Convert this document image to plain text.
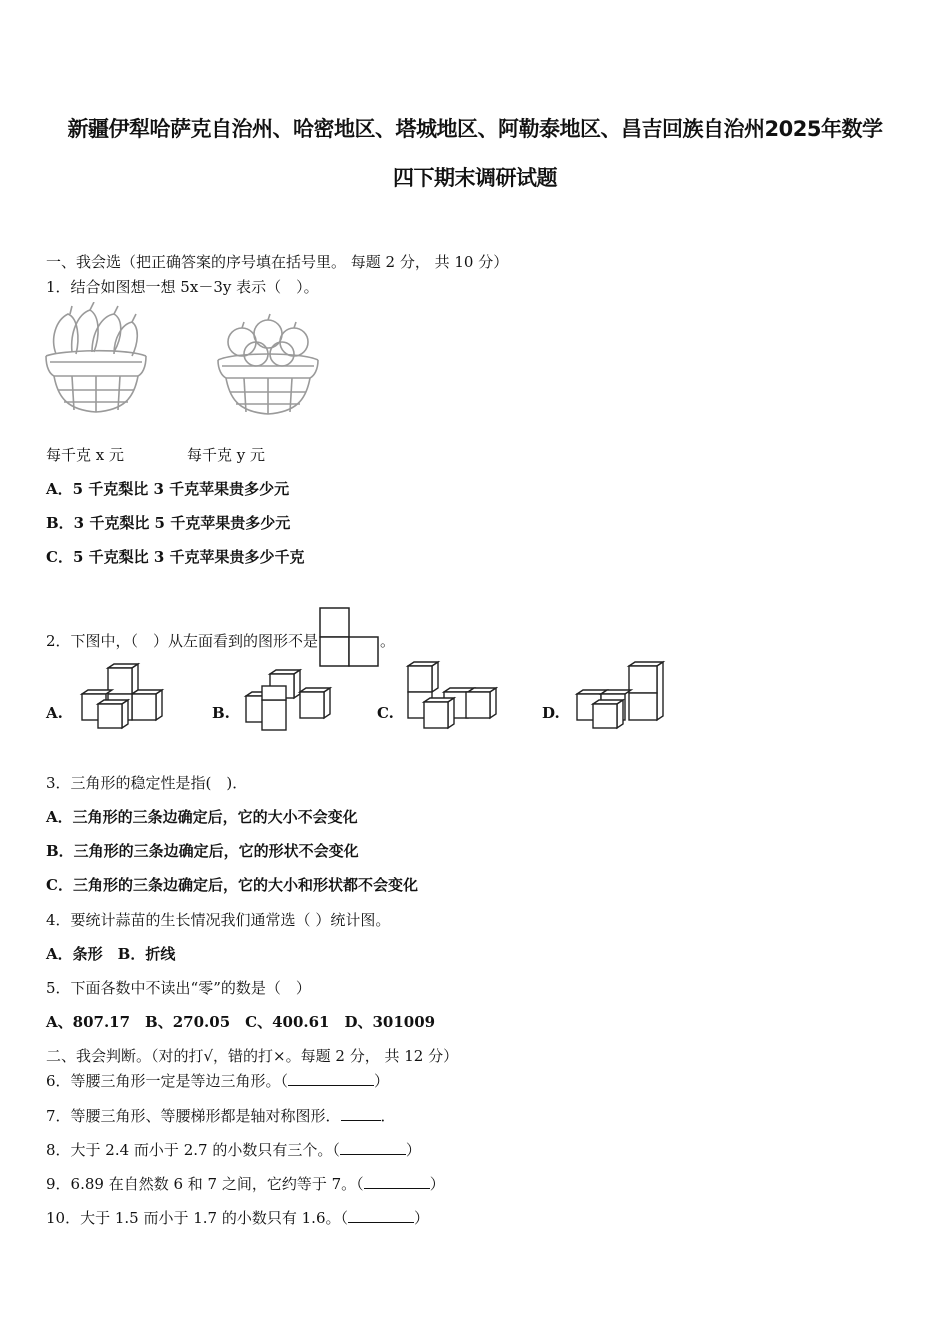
新疆伊犁哈萨克自治州、哈密地区、塔城地区、阿勒泰地区、昌吉回族自治州2025年数学
四下期末调研试题
一、我会选（把正确答案的序号填在括号里。 每题 2 分， 共 10 分）
1．结合如图想一想 5x－3y 表示（　）。
每千克 x 元	每千克 y 元
A．5 千克梨比 3 千克苹果贵多少元
B．3 千克梨比 5 千克苹果贵多少元
C．5 千克梨比 3 千克苹果贵多少千克
2．下图中，（　）从左面看到的图形不是	。
A.	B.	C.	D.
3．三角形的稳定性是指(　)．
A．三角形的三条边确定后，它的大小不会变化
B．三角形的三条边确定后，它的形状不会变化
C．三角形的三条边确定后，它的大小和形状都不会变化
4．要统计蒜苗的生长情况我们通常选（ ）统计图。
A．条形　B．折线
5．下面各数中不读出“零”的数是（　）
A、807.17　B、270.05　C、400.61　D、301009
二、我会判断。（对的打√，错的打×。每题 2 分， 共 12 分）
6．等腰三角形一定是等边三角形。（	）
7．等腰三角形、等腰梯形都是轴对称图形．	．
8．大于 2.4 而小于 2.7 的小数只有三个。（	）
9．6.89 在自然数 6 和 7 之间，它约等于 7。（	）
10．大于 1.5 而小于 1.7 的小数只有 1.6。（	）
